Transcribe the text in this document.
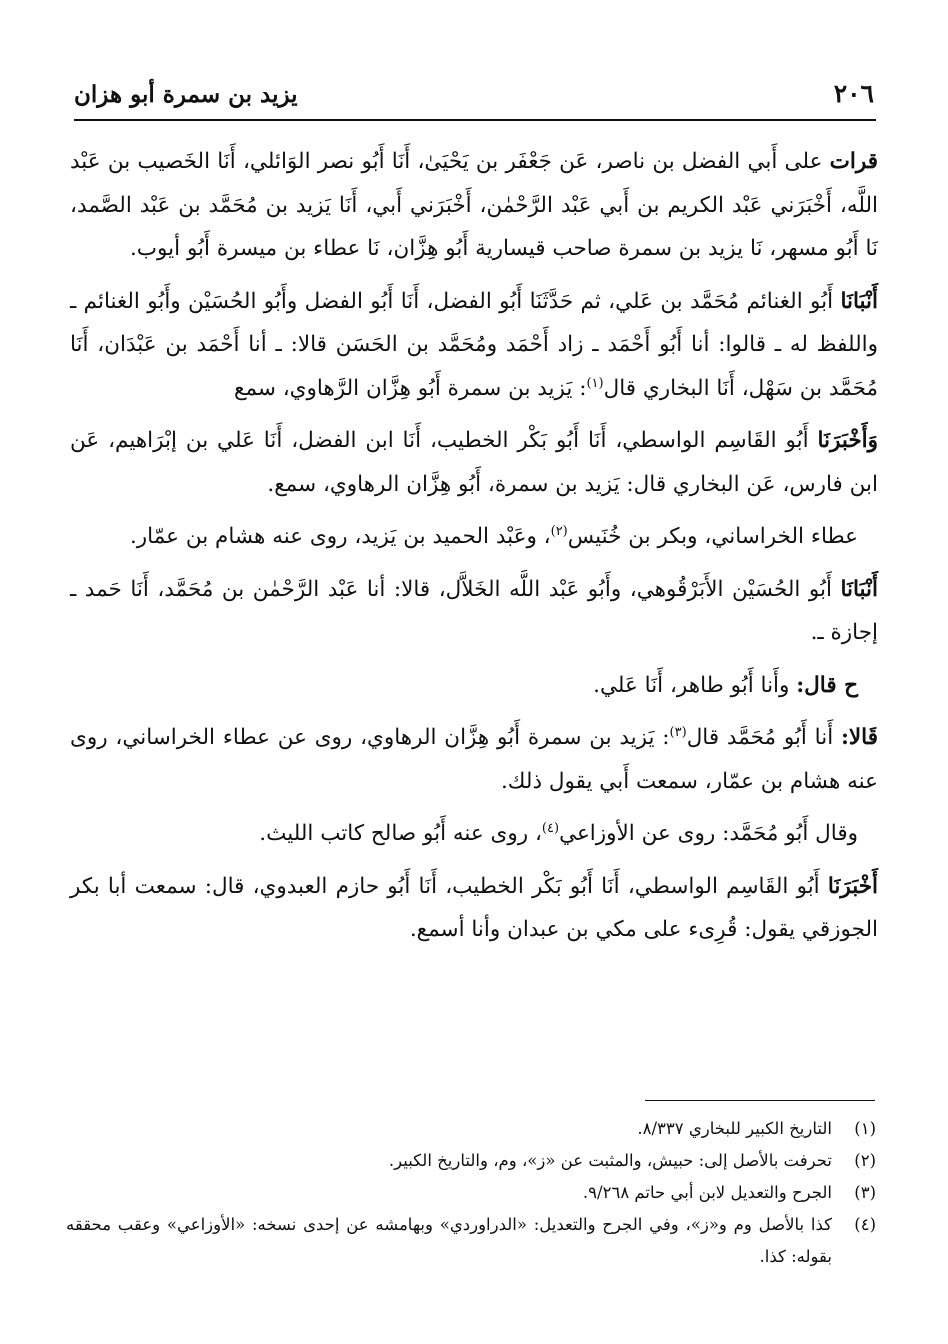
يزيد بن سمرة أبو هزان	٢٠٦

قرات على أَبي الفضل بن ناصر، عَن جَعْفَر بن يَحْيَىٰ، أَنَا أَبُو نصر الوَائلي، أَنَا الخَصيب بن عَبْد اللَّه، أَخْبَرَني عَبْد الكريم بن أَبي عَبْد الرَّحْمٰن، أَخْبَرَني أَبي، أَنَا يَزيد بن مُحَمَّد بن عَبْد الصَّمد، نَا أَبُو مسهر، نَا يزيد بن سمرة صاحب قيسارية أَبُو هِزَّان، نَا عطاء بن ميسرة أَبُو أيوب.

أَنْبَانَا أَبُو الغنائم مُحَمَّد بن عَلي، ثم حَدَّثَنَا أَبُو الفضل، أَنَا أَبُو الفضل وأَبُو الحُسَيْن وأَبُو الغنائم ـ واللفظ له ـ قالوا: أنا أَبُو أَحْمَد ـ زاد أَحْمَد ومُحَمَّد بن الحَسَن قالا: ـ أنا أَحْمَد بن عَبْدَان، أَنَا مُحَمَّد بن سَهْل، أَنَا البخاري قال$^{(١)}$: يَزيد بن سمرة أَبُو هِزَّان الرَّهاوي، سمع

وَأَخْبَرَنَا أَبُو القَاسِم الواسطي، أَنَا أَبُو بَكْر الخطيب، أَنَا ابن الفضل، أَنَا عَلي بن إبْرَاهيم، عَن ابن فارس، عَن البخاري قال: يَزيد بن سمرة، أَبُو هِزَّان الرهاوي، سمع.

عطاء الخراساني، وبكر بن خُنَيس$^{(٢)}$، وعَبْد الحميد بن يَزيد، روى عنه هشام بن عمّار.

أَنْبَانَا أَبُو الحُسَيْن الأَبَرْقُوهي، وأَبُو عَبْد اللَّه الخَلاَّل، قالا: أنا عَبْد الرَّحْمٰن بن مُحَمَّد، أَنَا حَمد ـ إجازة ـ.

ح قال: وأَنا أَبُو طاهر، أَنَا عَلي.

قَالا: أَنا أَبُو مُحَمَّد قال$^{(٣)}$: يَزيد بن سمرة أَبُو هِزَّان الرهاوي، روى عن عطاء الخراساني، روى عنه هشام بن عمّار، سمعت أَبي يقول ذلك.

وقال أَبُو مُحَمَّد: روى عن الأوزاعي$^{(٤)}$، روى عنه أَبُو صالح كاتب الليث.

أَخْبَرَنَا أَبُو القَاسِم الواسطي، أَنَا أَبُو بَكْر الخطيب، أَنَا أَبُو حازم العبدوي، قال: سمعت أبا بكر الجوزقي يقول: قُرِىء على مكي بن عبدان وأنا أسمع.

(١)
التاريخ الكبير للبخاري ٨/٣٣٧.
(٢)
تحرفت بالأصل إلى: حبيش، والمثبت عن «ز»، وم، والتاريخ الكبير.
(٣)
الجرح والتعديل لابن أبي حاتم ٩/٢٦٨.
(٤)
كذا بالأصل وم و«ز»، وفي الجرح والتعديل: «الدراوردي» وبهامشه عن إحدى نسخه: «الأوزاعي» وعقب محققه بقوله: كذا.
